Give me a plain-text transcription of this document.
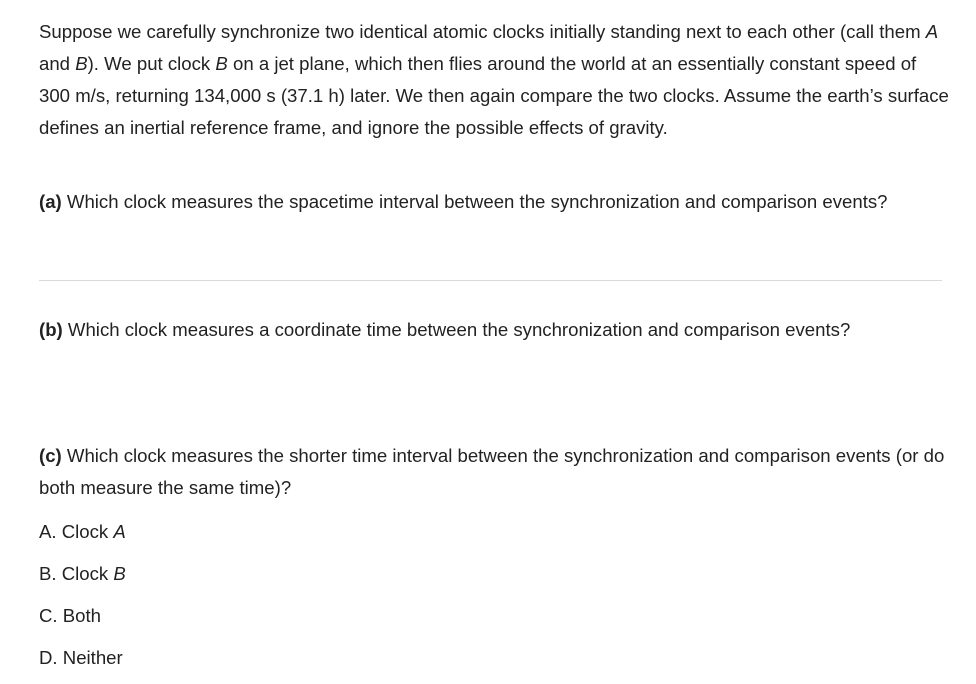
Suppose we carefully synchronize two identical atomic clocks initially standing next to each other (call them A and B). We put clock B on a jet plane, which then flies around the world at an essentially constant speed of 300 m/s, returning 134,000 s (37.1 h) later. We then again compare the two clocks. Assume the earth’s surface defines an inertial reference frame, and ignore the possible effects of gravity.

(a) Which clock measures the spacetime interval between the synchronization and comparison events?

(b) Which clock measures a coordinate time between the synchronization and comparison events?

(c) Which clock measures the shorter time interval between the synchronization and comparison events (or do both measure the same time)?

A. Clock A

B. Clock B

C. Both

D. Neither
